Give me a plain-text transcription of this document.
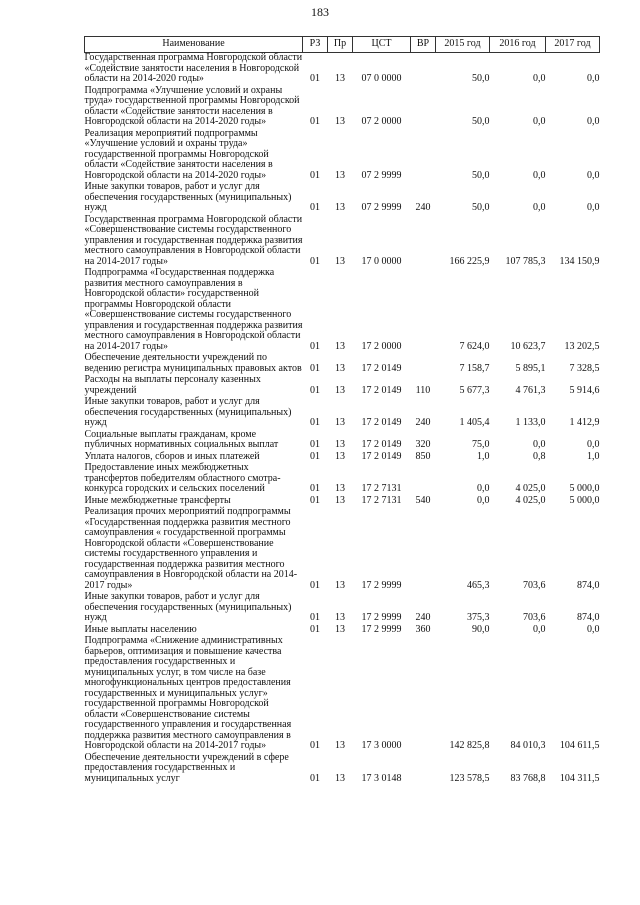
183
Наименование	РЗ	Пр	ЦСТ	ВР	2015 год	2016 год	2017 год
Государственная программа Новгородской области «Содействие занятости населения в Новгородской области на 2014-2020 годы»	01	13	07 0 0000		50,0	0,0	0,0
Подпрограмма «Улучшение условий и охраны труда» государственной программы Новгородской области «Содействие занятости населения в Новгородской области на 2014-2020 годы»	01	13	07 2 0000		50,0	0,0	0,0
Реализация мероприятий подпрограммы «Улучшение условий и охраны труда» государственной программы Новгородской области «Содействие занятости населения в Новгородской области на 2014-2020 годы»	01	13	07 2 9999		50,0	0,0	0,0
Иные закупки товаров, работ и услуг для обеспечения государственных (муниципальных) нужд	01	13	07 2 9999	240	50,0	0,0	0,0
Государственная программа Новгородской области «Совершенствование системы государственного управления и государственная поддержка развития местного самоуправления в Новгородской области на 2014-2017 годы»	01	13	17 0 0000		166 225,9	107 785,3	134 150,9
Подпрограмма «Государственная поддержка развития местного самоуправления в Новгородской области» государственной программы Новгородской области «Совершенствование системы государственного управления и государственная поддержка развития местного самоуправления в Новгородской области на 2014-2017 годы»	01	13	17 2 0000		7 624,0	10 623,7	13 202,5
Обеспечение деятельности учреждений по ведению регистра муниципальных правовых актов	01	13	17 2 0149		7 158,7	5 895,1	7 328,5
Расходы на выплаты персоналу казенных учреждений	01	13	17 2 0149	110	5 677,3	4 761,3	5 914,6
Иные закупки товаров, работ и услуг для обеспечения государственных (муниципальных) нужд	01	13	17 2 0149	240	1 405,4	1 133,0	1 412,9
Социальные выплаты гражданам, кроме публичных нормативных социальных выплат	01	13	17 2 0149	320	75,0	0,0	0,0
Уплата налогов, сборов и иных платежей	01	13	17 2 0149	850	1,0	0,8	1,0
Предоставление иных межбюджетных трансфертов победителям областного смотра-конкурса городских и сельских поселений	01	13	17 2 7131		0,0	4 025,0	5 000,0
Иные межбюджетные трансферты	01	13	17 2 7131	540	0,0	4 025,0	5 000,0
Реализация прочих мероприятий подпрограммы «Государственная поддержка развития местного самоуправления « государственной программы Новгородской области «Совершенствование системы государственного управления и государственная поддержка развития местного самоуправления в Новгородской области на 2014-2017 годы»	01	13	17 2 9999		465,3	703,6	874,0
Иные закупки товаров, работ и услуг для обеспечения государственных (муниципальных) нужд	01	13	17 2 9999	240	375,3	703,6	874,0
Иные выплаты населению	01	13	17 2 9999	360	90,0	0,0	0,0
Подпрограмма «Снижение административных барьеров, оптимизация и повышение качества предоставления государственных и муниципальных услуг, в том числе на базе многофункциональных центров предоставления государственных и муниципальных услуг» государственной программы Новгородской области «Совершенствование системы государственного управления и государственная поддержка развития местного самоуправления в Новгородской области на 2014-2017 годы»	01	13	17 3 0000		142 825,8	84 010,3	104 611,5
Обеспечение деятельности учреждений в сфере предоставления государственных и муниципальных услуг	01	13	17 3 0148		123 578,5	83 768,8	104 311,5
